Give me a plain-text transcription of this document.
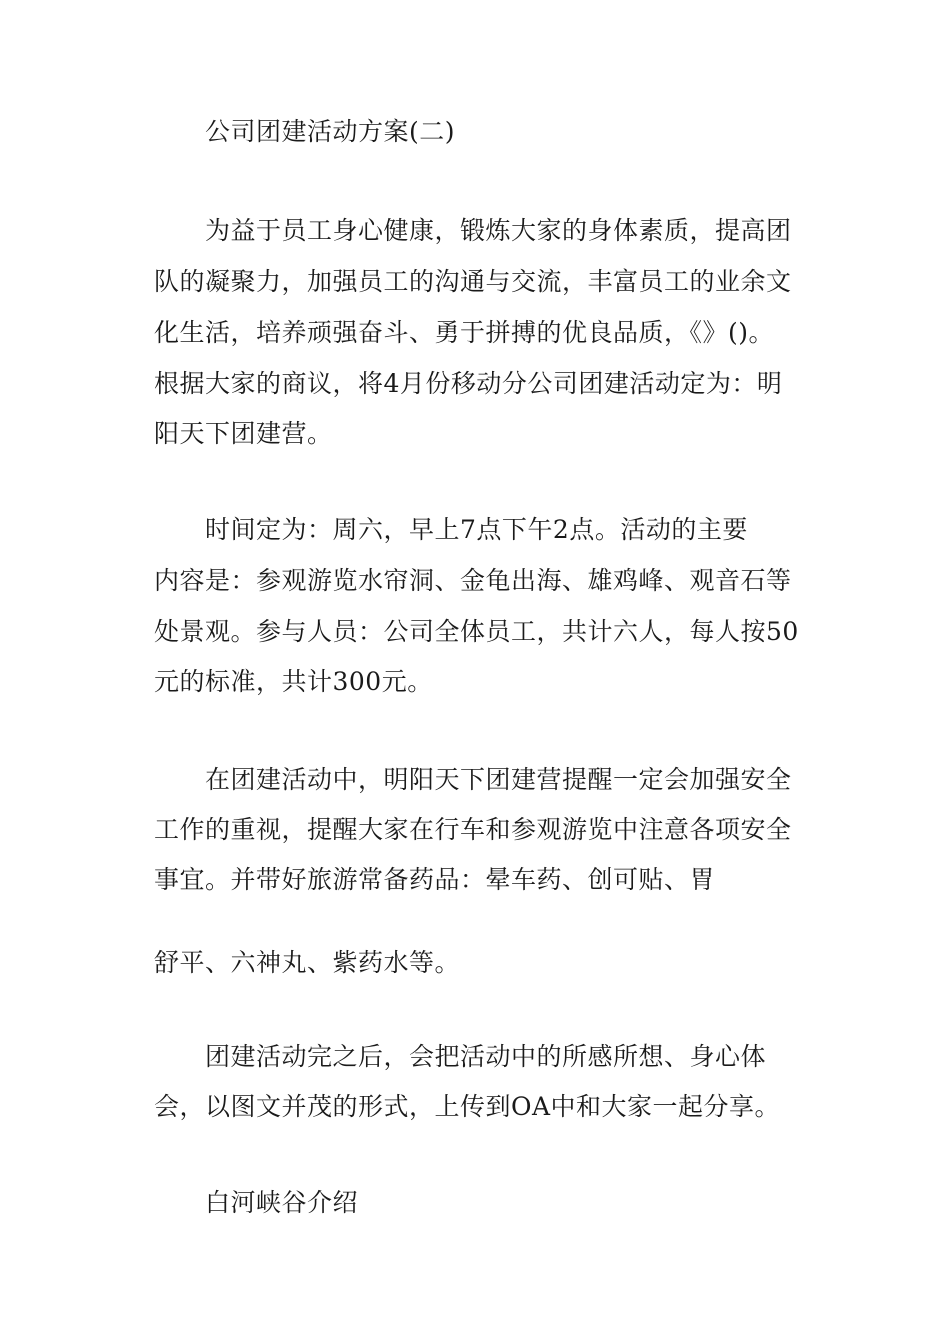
公司团建活动方案(二)
为益于员工身心健康，锻炼大家的身体素质，提高团
队的凝聚力，加强员工的沟通与交流，丰富员工的业余文
化生活，培养顽强奋斗、勇于拼搏的优良品质，《》()。
根据大家的商议，将4月份移动分公司团建活动定为：明
阳天下团建营。
时间定为：周六，早上7点下午2点。活动的主要
内容是：参观游览水帘洞、金龟出海、雄鸡峰、观音石等
处景观。参与人员：公司全体员工，共计六人，每人按50
元的标准，共计300元。
在团建活动中，明阳天下团建营提醒一定会加强安全
工作的重视，提醒大家在行车和参观游览中注意各项安全
事宜。并带好旅游常备药品：晕车药、创可贴、胃
舒平、六神丸、紫药水等。
团建活动完之后，会把活动中的所感所想、身心体
会，以图文并茂的形式，上传到OA中和大家一起分享。
白河峡谷介绍
